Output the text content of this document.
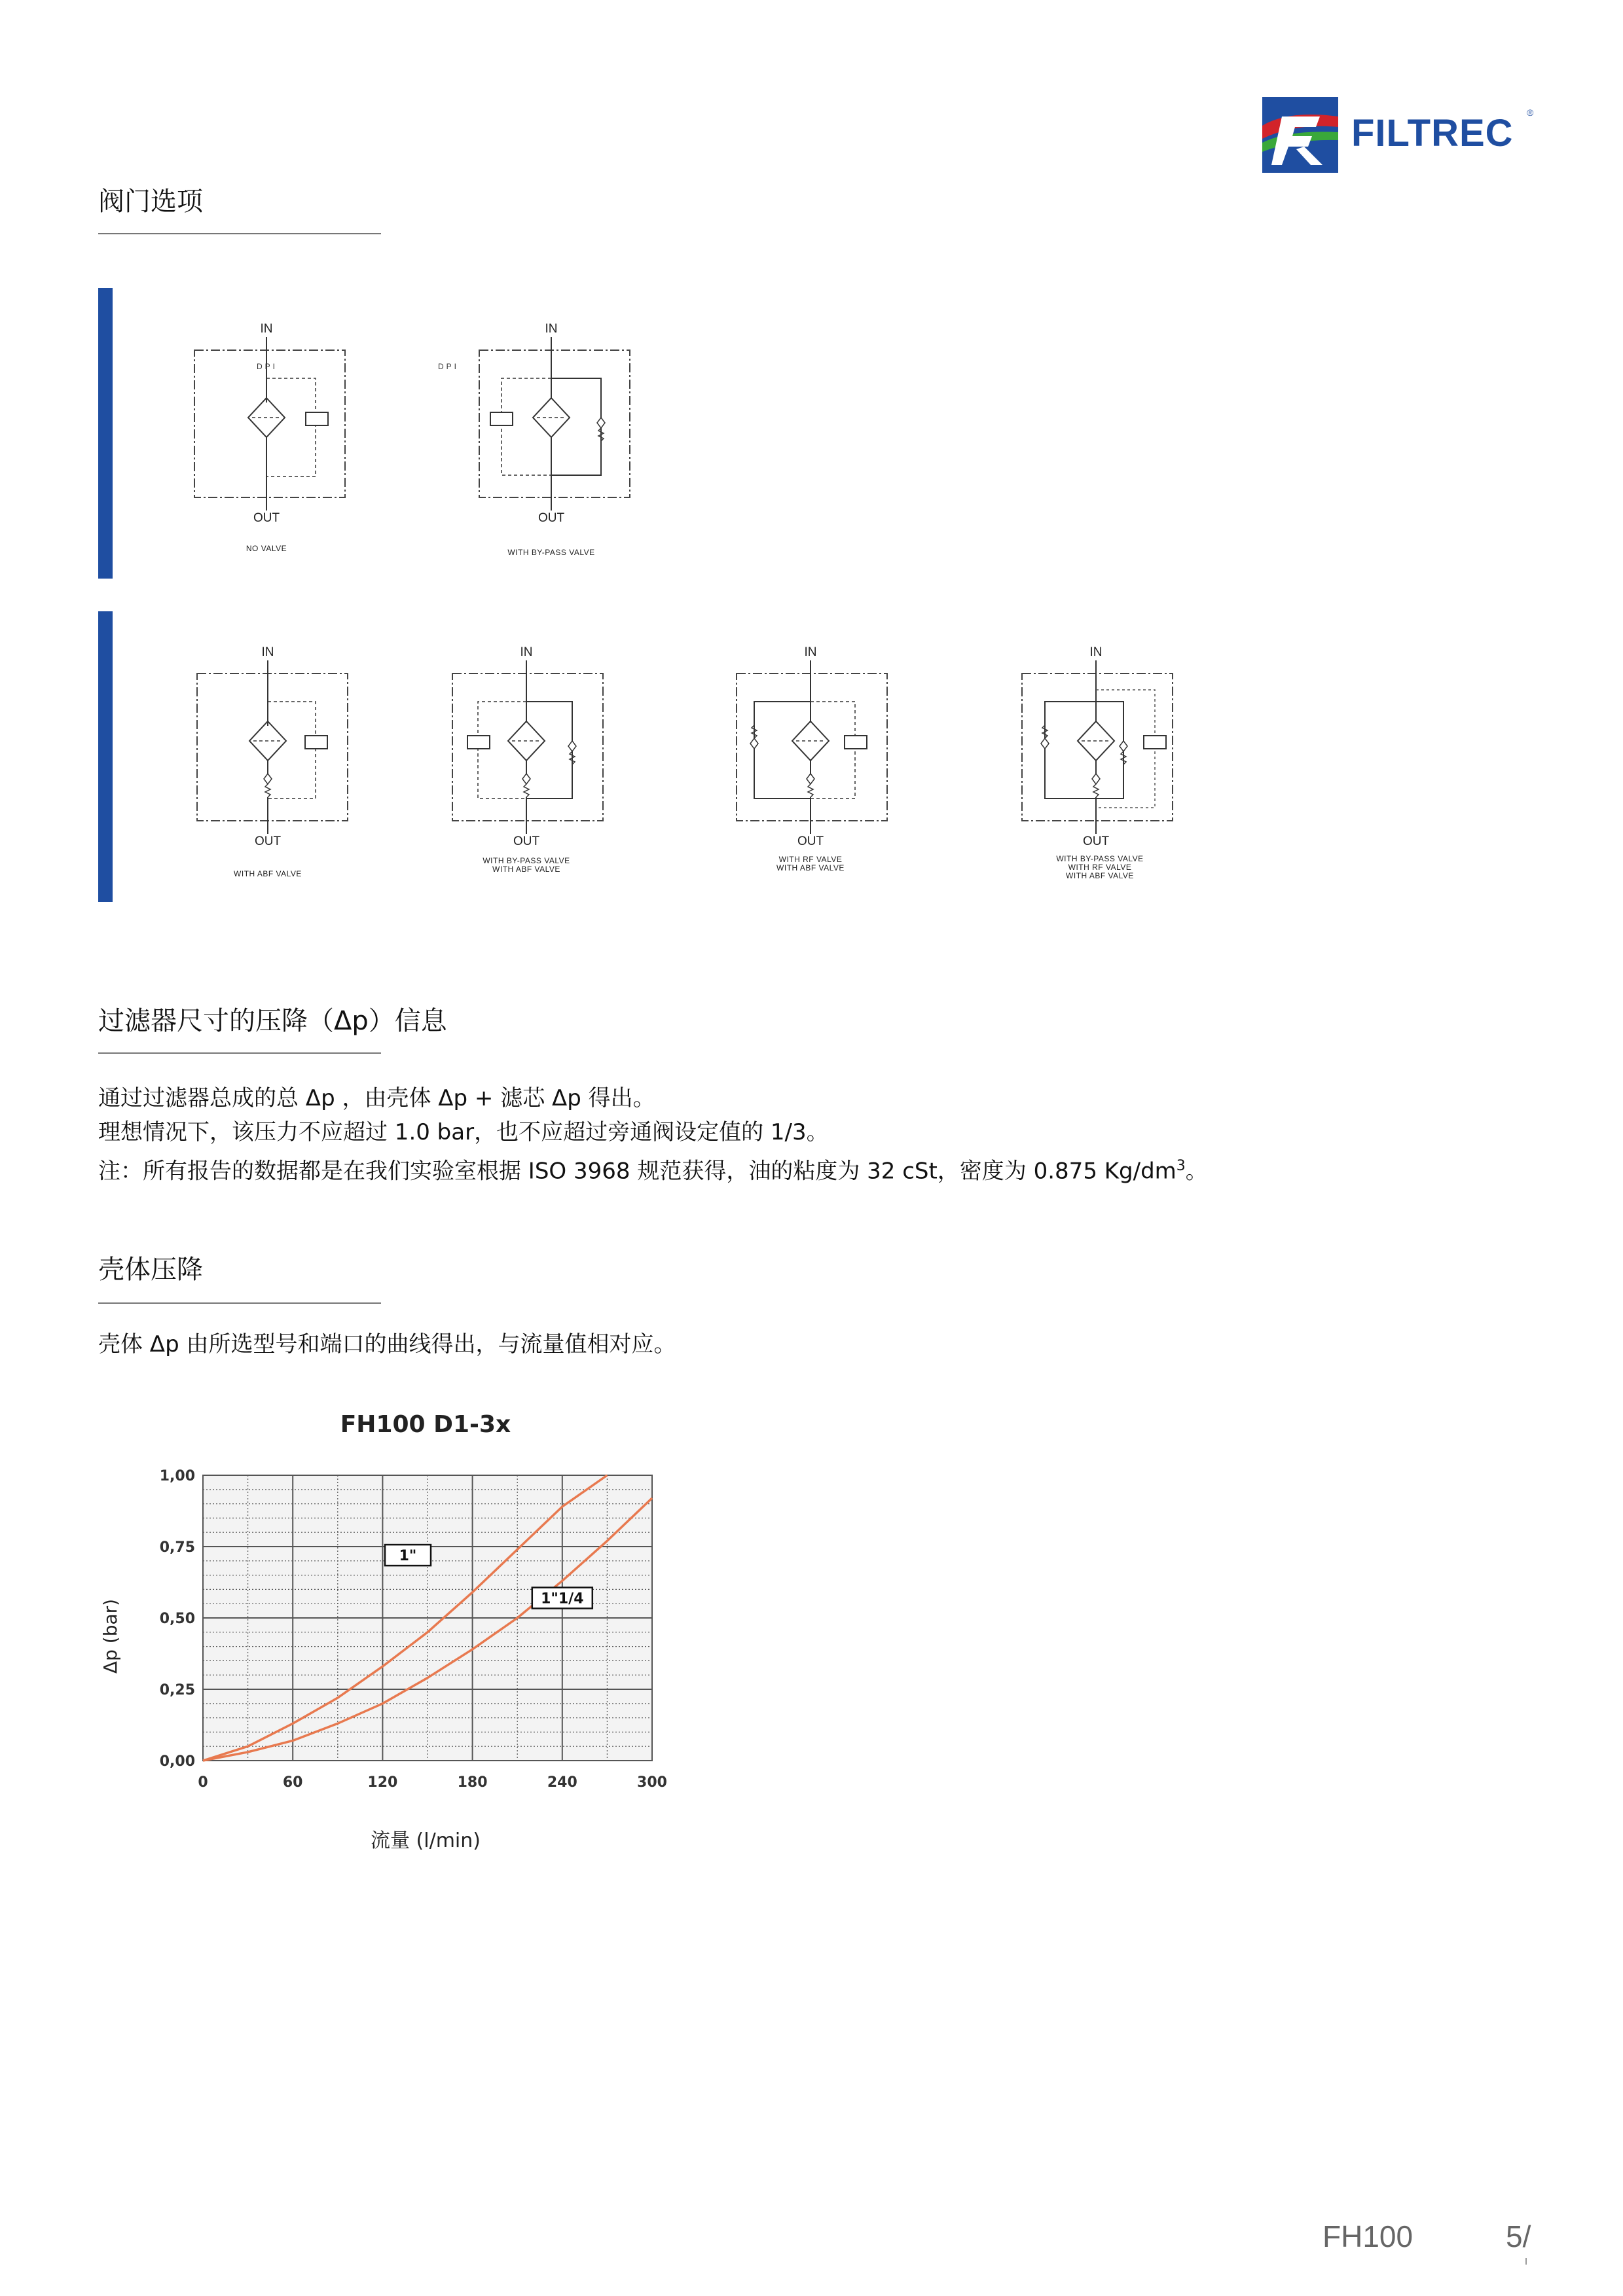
FILTREC ®
阀门选项
IN
DPI
OUT
NO VALVE
IN
DPI
OUT
WITH BY-PASS VALVE
IN
OUT
WITH ABF VALVE
IN
OUT
WITH BY-PASS VALVE
WITH ABF VALVE
IN
OUT
WITH RF VALVE
WITH ABF VALVE
IN
OUT
WITH BY-PASS VALVE
WITH RF VALVE
WITH ABF VALVE
过滤器尺寸的压降（Δp）信息
通过过滤器总成的总 Δp ，由壳体 Δp + 滤芯 Δp 得出。
理想情况下，该压力不应超过 1.0 bar，也不应超过旁通阀设定值的 1/3。
注：所有报告的数据都是在我们实验室根据 ISO 3968 规范获得，油的粘度为 32 cSt，密度为 0.875 $Kg/dm^3$。
壳体压降
壳体 Δp 由所选型号和端口的曲线得出，与流量值相对应。
FH100 D1-3x
0	60	120	180	240	300
0,00
0,25
0,50
0,75
1,00
Δp (bar)
流量 (l/min)
1"
1"1/4
FH100	5/
